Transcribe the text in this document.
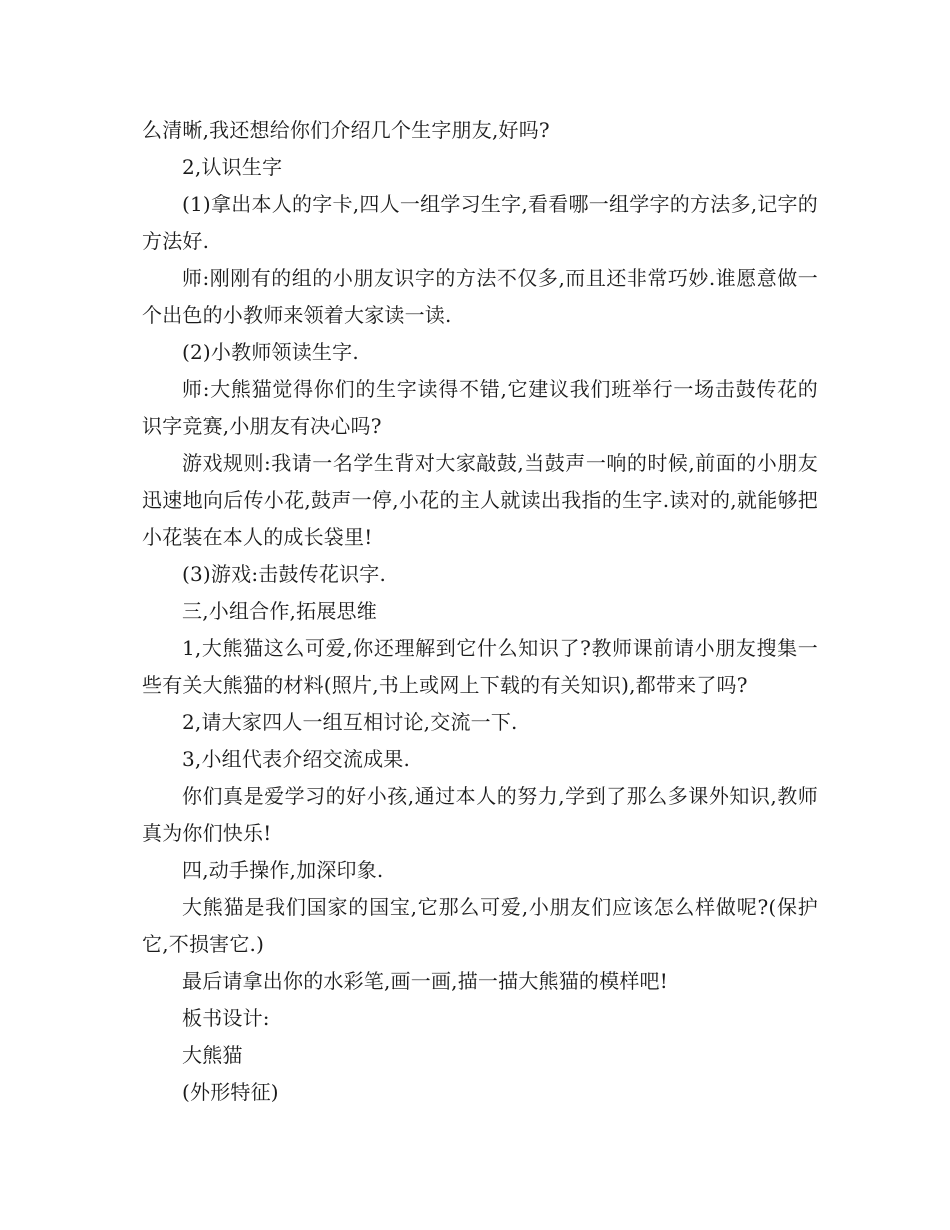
么清晰,我还想给你们介绍几个生字朋友,好吗?

2,认识生字

(1)拿出本人的字卡,四人一组学习生字,看看哪一组学字的方法多,记字的方法好.

师:刚刚有的组的小朋友识字的方法不仅多,而且还非常巧妙.谁愿意做一个出色的小教师来领着大家读一读.

(2)小教师领读生字.

师:大熊猫觉得你们的生字读得不错,它建议我们班举行一场击鼓传花的识字竞赛,小朋友有决心吗?

游戏规则:我请一名学生背对大家敲鼓,当鼓声一响的时候,前面的小朋友迅速地向后传小花,鼓声一停,小花的主人就读出我指的生字.读对的,就能够把小花装在本人的成长袋里!

(3)游戏:击鼓传花识字.

三,小组合作,拓展思维

1,大熊猫这么可爱,你还理解到它什么知识了?教师课前请小朋友搜集一些有关大熊猫的材料(照片,书上或网上下载的有关知识),都带来了吗?

2,请大家四人一组互相讨论,交流一下.

3,小组代表介绍交流成果.

你们真是爱学习的好小孩,通过本人的努力,学到了那么多课外知识,教师真为你们快乐!

四,动手操作,加深印象.

大熊猫是我们国家的国宝,它那么可爱,小朋友们应该怎么样做呢?(保护它,不损害它.)

最后请拿出你的水彩笔,画一画,描一描大熊猫的模样吧!

板书设计:

大熊猫

(外形特征)
